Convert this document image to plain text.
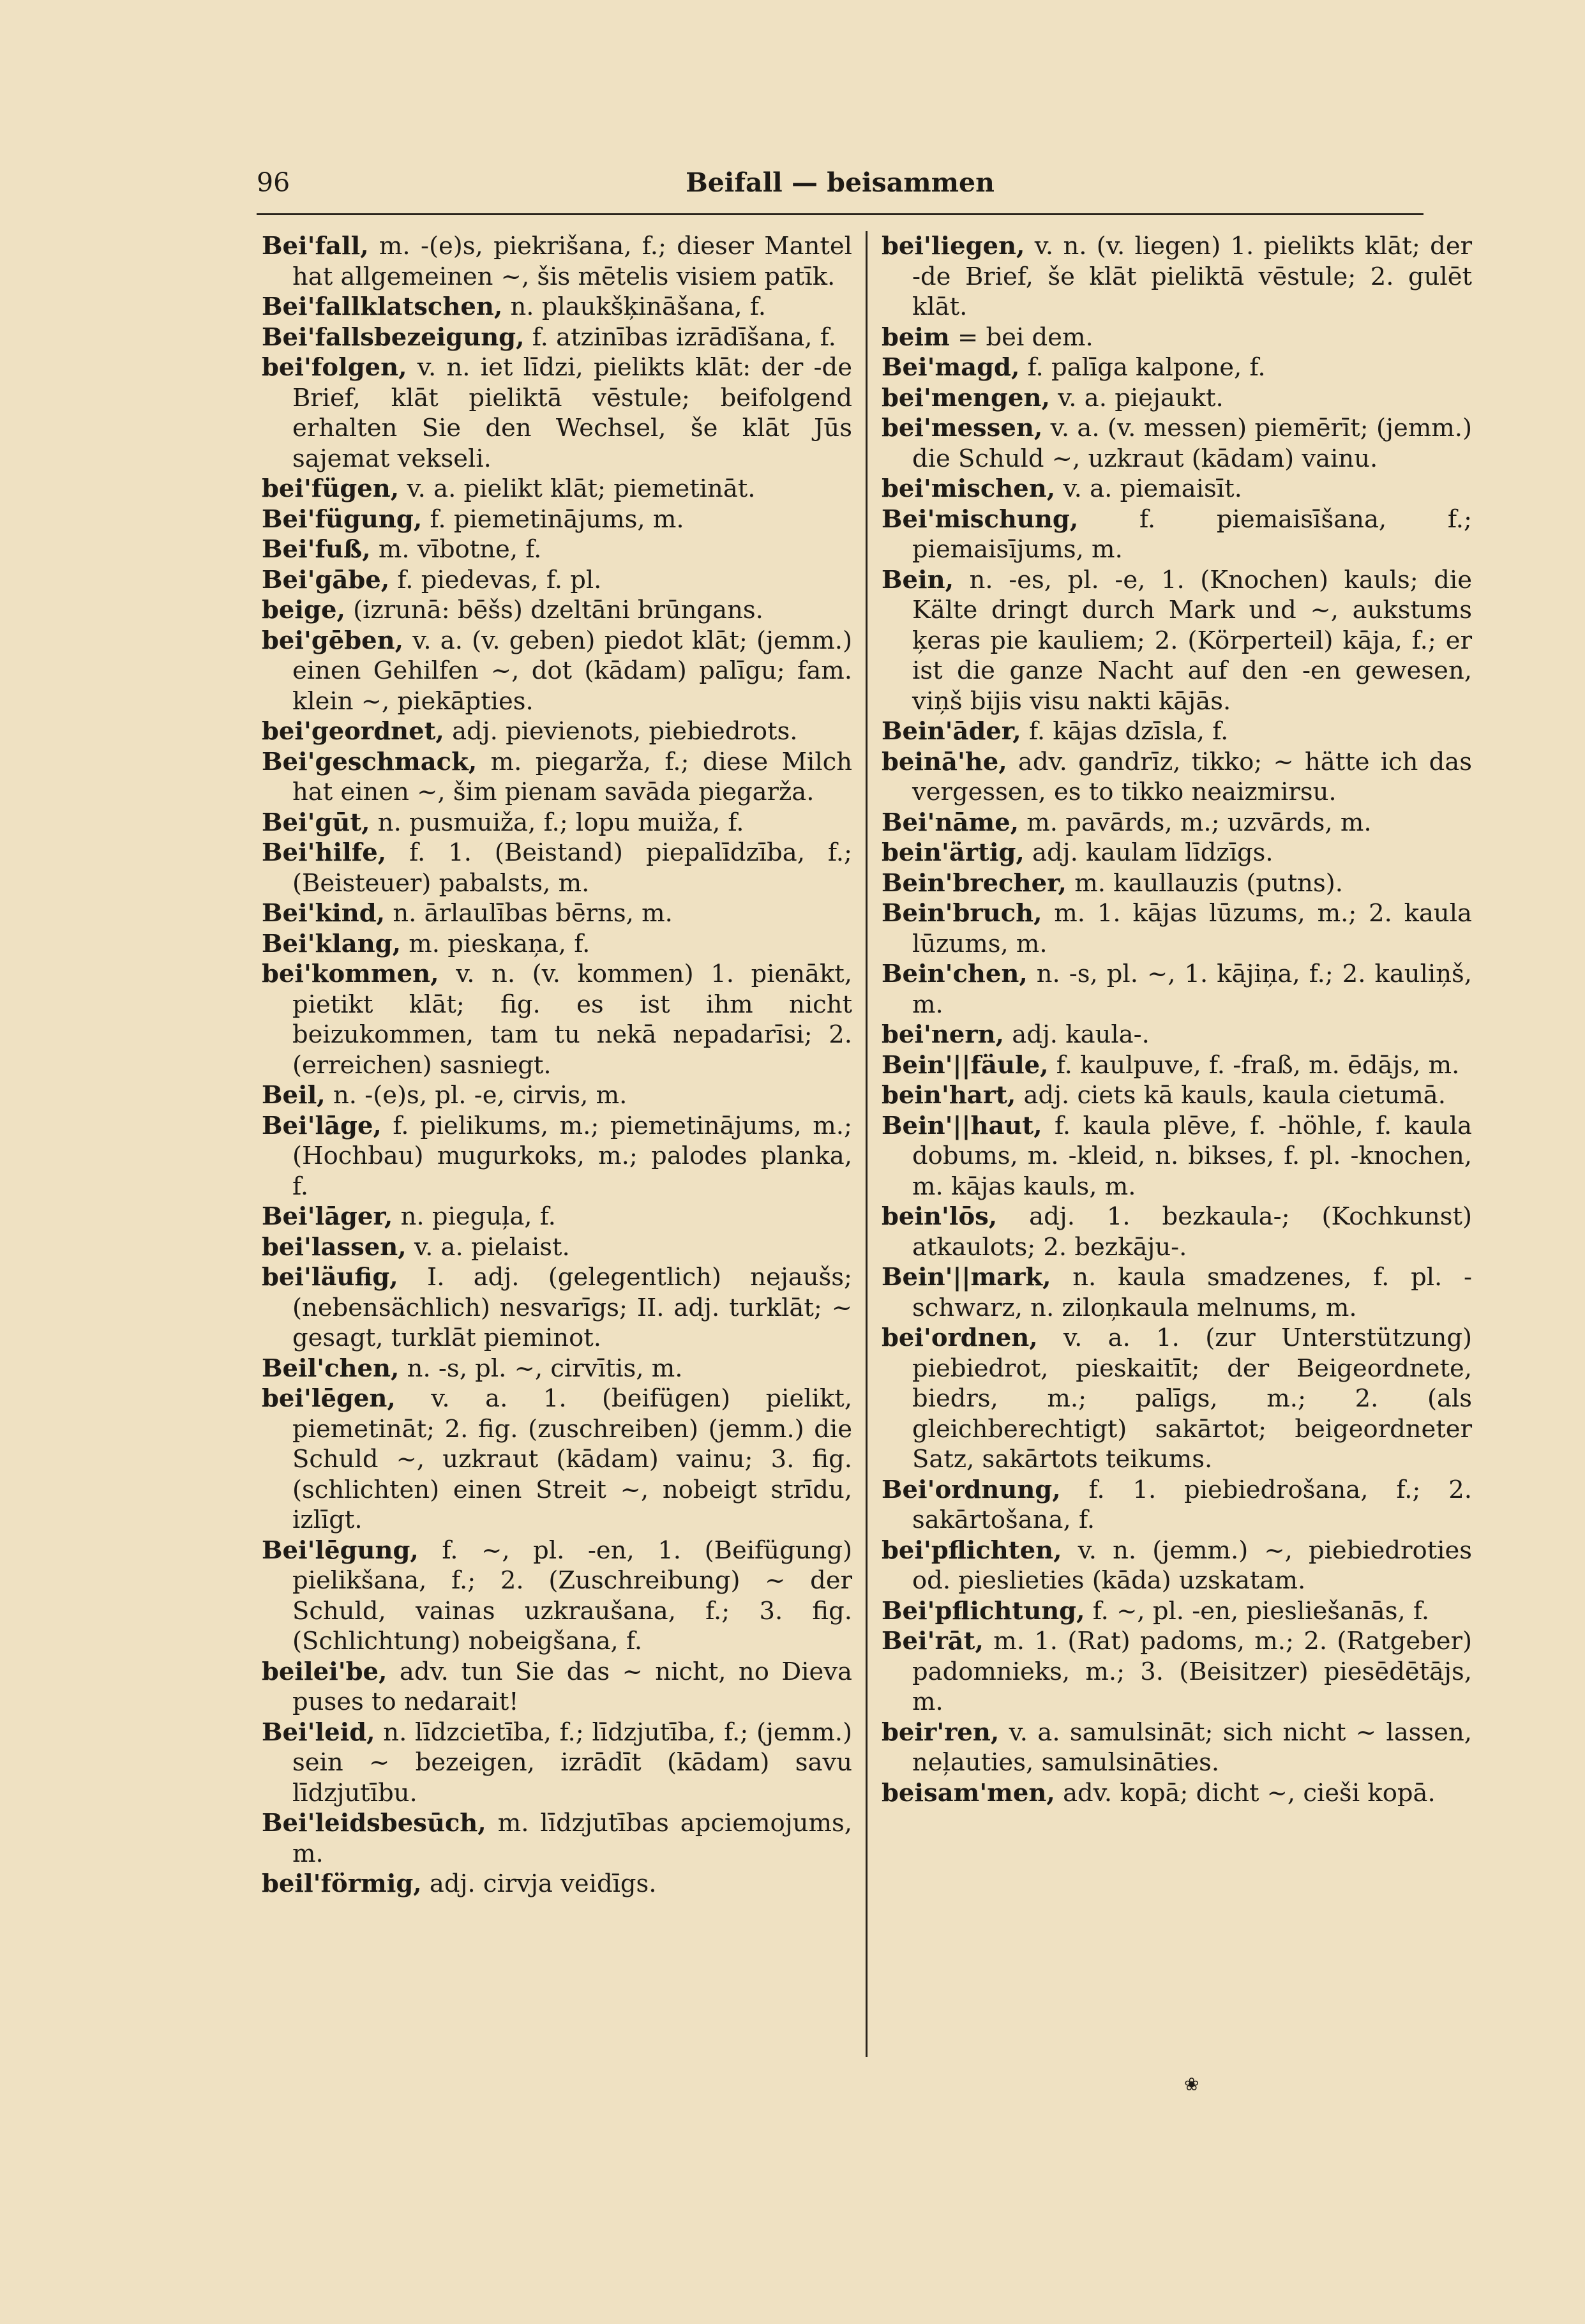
96	Beifall — beisammen

Bei'fall, m. -(e)s, piekrišana, f.; dieser Mantel hat allgemeinen ~, šis mētelis visiem patīk.

Bei'fallklatschen, n. plaukšķināšana, f.

Bei'fallsbezeigung, f. atzinības izrādīšana, f.

bei'folgen, v. n. iet līdzi, pielikts klāt: der -de Brief, klāt pieliktā vēstule; beifolgend erhalten Sie den Wechsel, še klāt Jūs sajemat vekseli.

bei'fügen, v. a. pielikt klāt; piemetināt.

Bei'fügung, f. piemetinājums, m.

Bei'fuß, m. vībotne, f.

Bei'gābe, f. piedevas, f. pl.

beige, (izrunā: bēšs) dzeltāni brūngans.

bei'gēben, v. a. (v. geben) piedot klāt; (jemm.) einen Gehilfen ~, dot (kādam) palīgu; fam. klein ~, piekāpties.

bei'geordnet, adj. pievienots, piebiedrots.

Bei'geschmack, m. piegarža, f.; diese Milch hat einen ~, šim pienam savāda piegarža.

Bei'gūt, n. pusmuiža, f.; lopu muiža, f.

Bei'hilfe, f. 1. (Beistand) piepalīdzība, f.; (Beisteuer) pabalsts, m.

Bei'kind, n. ārlaulības bērns, m.

Bei'klang, m. pieskaņa, f.

bei'kommen, v. n. (v. kommen) 1. pienākt, pietikt klāt; fig. es ist ihm nicht beizukommen, tam tu nekā nepadarīsi; 2. (erreichen) sasniegt.

Beil, n. -(e)s, pl. -e, cirvis, m.

Bei'lāge, f. pielikums, m.; piemetinājums, m.; (Hochbau) mugurkoks, m.; palodes planka, f.

Bei'lāger, n. pieguļa, f.

bei'lassen, v. a. pielaist.

bei'läufig, I. adj. (gelegentlich) nejaušs; (nebensächlich) nesvarīgs; II. adj. turklāt; ~ gesagt, turklāt pieminot.

Beil'chen, n. -s, pl. ~, cirvītis, m.

bei'lēgen, v. a. 1. (beifügen) pielikt, piemetināt; 2. fig. (zuschreiben) (jemm.) die Schuld ~, uzkraut (kādam) vainu; 3. fig. (schlichten) einen Streit ~, nobeigt strīdu, izlīgt.

Bei'lēgung, f. ~, pl. -en, 1. (Beifügung) pielikšana, f.; 2. (Zuschreibung) ~ der Schuld, vainas uzkraušana, f.; 3. fig. (Schlichtung) nobeigšana, f.

beilei'be, adv. tun Sie das ~ nicht, no Dieva puses to nedarait!

Bei'leid, n. līdzcietība, f.; līdzjutība, f.; (jemm.) sein ~ bezeigen, izrādīt (kādam) savu līdzjutību.

Bei'leidsbesūch, m. līdzjutības apciemojums, m.

beil'förmig, adj. cirvja veidīgs.

bei'liegen, v. n. (v. liegen) 1. pielikts klāt; der -de Brief, še klāt pieliktā vēstule; 2. gulēt klāt.

beim = bei dem.

Bei'magd, f. palīga kalpone, f.

bei'mengen, v. a. piejaukt.

bei'messen, v. a. (v. messen) piemērīt; (jemm.) die Schuld ~, uzkraut (kādam) vainu.

bei'mischen, v. a. piemaisīt.

Bei'mischung, f. piemaisīšana, f.; piemaisījums, m.

Bein, n. -es, pl. -e, 1. (Knochen) kauls; die Kälte dringt durch Mark und ~, aukstums ķeras pie kauliem; 2. (Körperteil) kāja, f.; er ist die ganze Nacht auf den -en gewesen, viņš bijis visu nakti kājās.

Bein'āder, f. kājas dzīsla, f.

beinā'he, adv. gandrīz, tikko; ~ hätte ich das vergessen, es to tikko neaizmirsu.

Bei'nāme, m. pavārds, m.; uzvārds, m.

bein'ärtig, adj. kaulam līdzīgs.

Bein'brecher, m. kaullauzis (putns).

Bein'bruch, m. 1. kājas lūzums, m.; 2. kaula lūzums, m.

Bein'chen, n. -s, pl. ~, 1. kājiņa, f.; 2. kauliņš, m.

bei'nern, adj. kaula-.

Bein'||fäule, f. kaulpuve, f. -fraß, m. ēdājs, m.

bein'hart, adj. ciets kā kauls, kaula cietumā.

Bein'||haut, f. kaula plēve, f. -höhle, f. kaula dobums, m. -kleid, n. bikses, f. pl. -knochen, m. kājas kauls, m.

bein'lōs, adj. 1. bezkaula-; (Kochkunst) atkaulots; 2. bezkāju-.

Bein'||mark, n. kaula smadzenes, f. pl. -schwarz, n. ziloņkaula melnums, m.

bei'ordnen, v. a. 1. (zur Unterstützung) piebiedrot, pieskaitīt; der Beigeordnete, biedrs, m.; palīgs, m.; 2. (als gleichberechtigt) sakārtot; beigeordneter Satz, sakārtots teikums.

Bei'ordnung, f. 1. piebiedrošana, f.; 2. sakārtošana, f.

bei'pflichten, v. n. (jemm.) ~, piebiedroties od. pieslieties (kāda) uzskatam.

Bei'pflichtung, f. ~, pl. -en, piesliešanās, f.

Bei'rāt, m. 1. (Rat) padoms, m.; 2. (Ratgeber) padomnieks, m.; 3. (Beisitzer) piesēdētājs, m.

beir'ren, v. a. samulsināt; sich nicht ~ lassen, neļauties, samulsināties.

beisam'men, adv. kopā; dicht ~, cieši kopā.

❀
